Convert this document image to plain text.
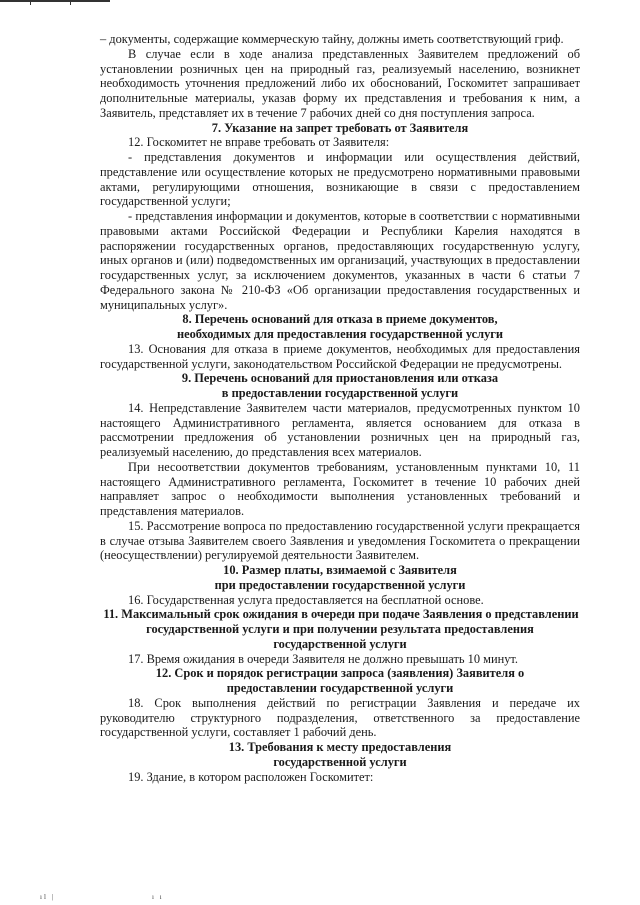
– документы, содержащие коммерческую тайну, должны иметь соответствующий гриф.

В случае если в ходе анализа представленных Заявителем предложений об установлении розничных цен на природный газ, реализуемый населению, возникнет необходимость уточнения предложений либо их обоснований, Госкомитет запрашивает дополнительные материалы, указав форму их представления и требования к ним, а Заявитель, представляет их в течение 7 рабочих дней со дня поступления запроса.

7. Указание на запрет требовать от Заявителя

12. Госкомитет не вправе требовать от Заявителя:

- представления документов и информации или осуществления действий, представление или осуществление которых не предусмотрено нормативными правовыми актами, регулирующими отношения, возникающие в связи с предоставлением государственной услуги;

- представления информации и документов, которые в соответствии с нормативными правовыми актами Российской Федерации и Республики Карелия находятся в распоряжении государственных органов, предоставляющих государственную услугу, иных органов и (или) подведомственных им организаций, участвующих в предоставлении государственных услуг, за исключением документов, указанных в части 6 статьи 7 Федерального закона № 210-ФЗ «Об организации предоставления государственных и муниципальных услуг».

8. Перечень оснований для отказа в приеме документов,
необходимых для предоставления государственной услуги

13. Основания для отказа в приеме документов, необходимых для предоставления государственной услуги, законодательством Российской Федерации не предусмотрены.

9. Перечень оснований для приостановления или отказа
в предоставлении государственной услуги

14. Непредставление Заявителем части материалов, предусмотренных пунктом 10 настоящего Административного регламента, является основанием для отказа в рассмотрении предложения об установлении розничных цен на природный газ, реализуемый населению, до представления всех материалов.

При несоответствии документов требованиям, установленным пунктами 10, 11 настоящего Административного регламента, Госкомитет в течение 10 рабочих дней направляет запрос о необходимости выполнения установленных требований и представления материалов.

15. Рассмотрение вопроса по предоставлению государственной услуги прекращается в случае отзыва Заявителем своего Заявления и уведомления Госкомитета о прекращении (неосуществлении) регулируемой деятельности Заявителем.

10. Размер платы, взимаемой с Заявителя
при предоставлении государственной услуги

16. Государственная услуга предоставляется на бесплатной основе.

11. Максимальный срок ожидания в очереди при подаче Заявления о представлении
государственной услуги и при получении результата предоставления
государственной услуги

17. Время ожидания в очереди Заявителя не должно превышать 10 минут.

12. Срок и порядок регистрации запроса (заявления) Заявителя о
предоставлении государственной услуги

18. Срок выполнения действий по регистрации Заявления и передаче их руководителю структурного подразделения, ответственного за предоставление государственной услуги, составляет 1 рабочий день.

13. Требования к месту предоставления
государственной услуги

19. Здание, в котором расположен Госкомитет:

ıl |	ı ı
